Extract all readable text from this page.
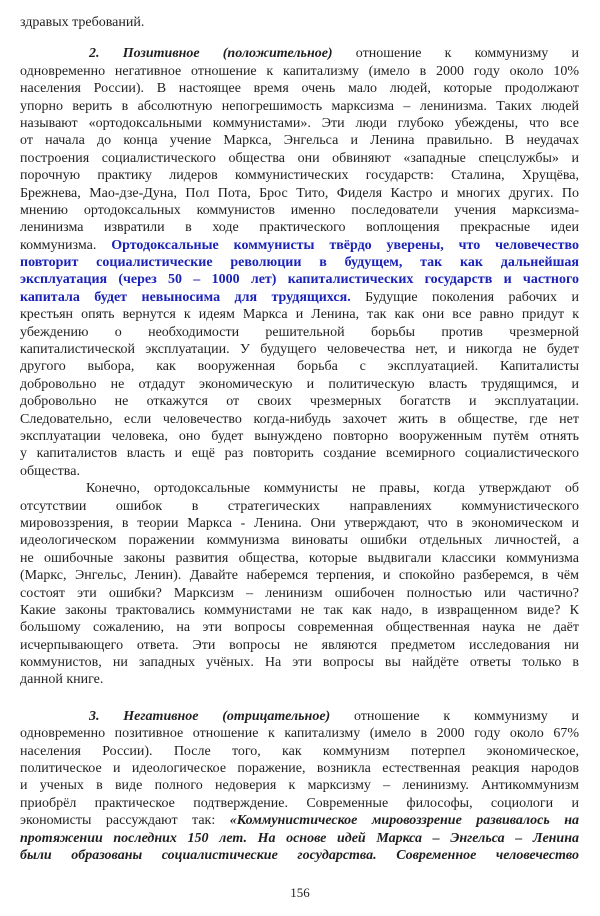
здравых требований.
2. Позитивное (положительное) отношение к коммунизму и
одновременно негативное отношение к капитализму (имело в 2000 году около 10%
населения России). В настоящее время очень мало людей, которые продолжают
упорно верить в абсолютную непогрешимость марксизма – ленинизма. Таких людей
называют «ортодоксальными коммунистами». Эти люди глубоко убеждены, что все
от начала до конца учение Маркса, Энгельса и Ленина правильно. В неудачах
построения социалистического общества они обвиняют «западные спецслужбы» и
порочную практику лидеров коммунистических государств: Сталина, Хрущёва,
Брежнева, Мао-дзе-Дуна, Пол Пота, Брос Тито, Фиделя Кастро и многих других. По
мнению ортодоксальных коммунистов именно последователи учения марксизма-
ленинизма извратили в ходе практического воплощения прекрасные идеи
коммунизма. Ортодоксальные коммунисты твёрдо уверены, что человечество
повторит социалистические революции в будущем, так как дальнейшая
эксплуатация (через 50 – 1000 лет) капиталистических государств и частного
капитала будет невыносима для трудящихся. Будущие поколения рабочих и
крестьян опять вернутся к идеям Маркса и Ленина, так как они все равно придут к
убеждению о необходимости решительной борьбы против чрезмерной
капиталистической эксплуатации. У будущего человечества нет, и никогда не будет
другого выбора, как вооруженная борьба с эксплуатацией. Капиталисты
добровольно не отдадут экономическую и политическую власть трудящимся, и
добровольно не откажутся от своих чрезмерных богатств и эксплуатации.
Следовательно, если человечество когда-нибудь захочет жить в обществе, где нет
эксплуатации человека, оно будет вынуждено повторно вооруженным путём отнять
у капиталистов власть и ещё раз повторить создание всемирного социалистического
общества.
Конечно, ортодоксальные коммунисты не правы, когда утверждают об
отсутствии ошибок в стратегических направлениях коммунистического
мировоззрения, в теории Маркса - Ленина. Они утверждают, что в экономическом и
идеологическом поражении коммунизма виноваты ошибки отдельных личностей, а
не ошибочные законы развития общества, которые выдвигали классики коммунизма
(Маркс, Энгельс, Ленин). Давайте наберемся терпения, и спокойно разберемся, в чём
состоят эти ошибки? Марксизм – ленинизм ошибочен полностью или частично?
Какие законы трактовались коммунистами не так как надо, в извращенном виде? К
большому сожалению, на эти вопросы современная общественная наука не даёт
исчерпывающего ответа. Эти вопросы не являются предметом исследования ни
коммунистов, ни западных учёных. На эти вопросы вы найдёте ответы только в
данной книге.
3. Негативное (отрицательное) отношение к коммунизму и
одновременно позитивное отношение к капитализму (имело в 2000 году около 67%
населения России). После того, как коммунизм потерпел экономическое,
политическое и идеологическое поражение, возникла естественная реакция народов
и ученых в виде полного недоверия к марксизму – ленинизму. Антикоммунизм
приобрёл практическое подтверждение. Современные философы, социологи и
экономисты рассуждают так: «Коммунистическое мировоззрение развивалось на
протяжении последних 150 лет. На основе идей Маркса – Энгельса – Ленина
были образованы социалистические государства. Современное человечество
156
